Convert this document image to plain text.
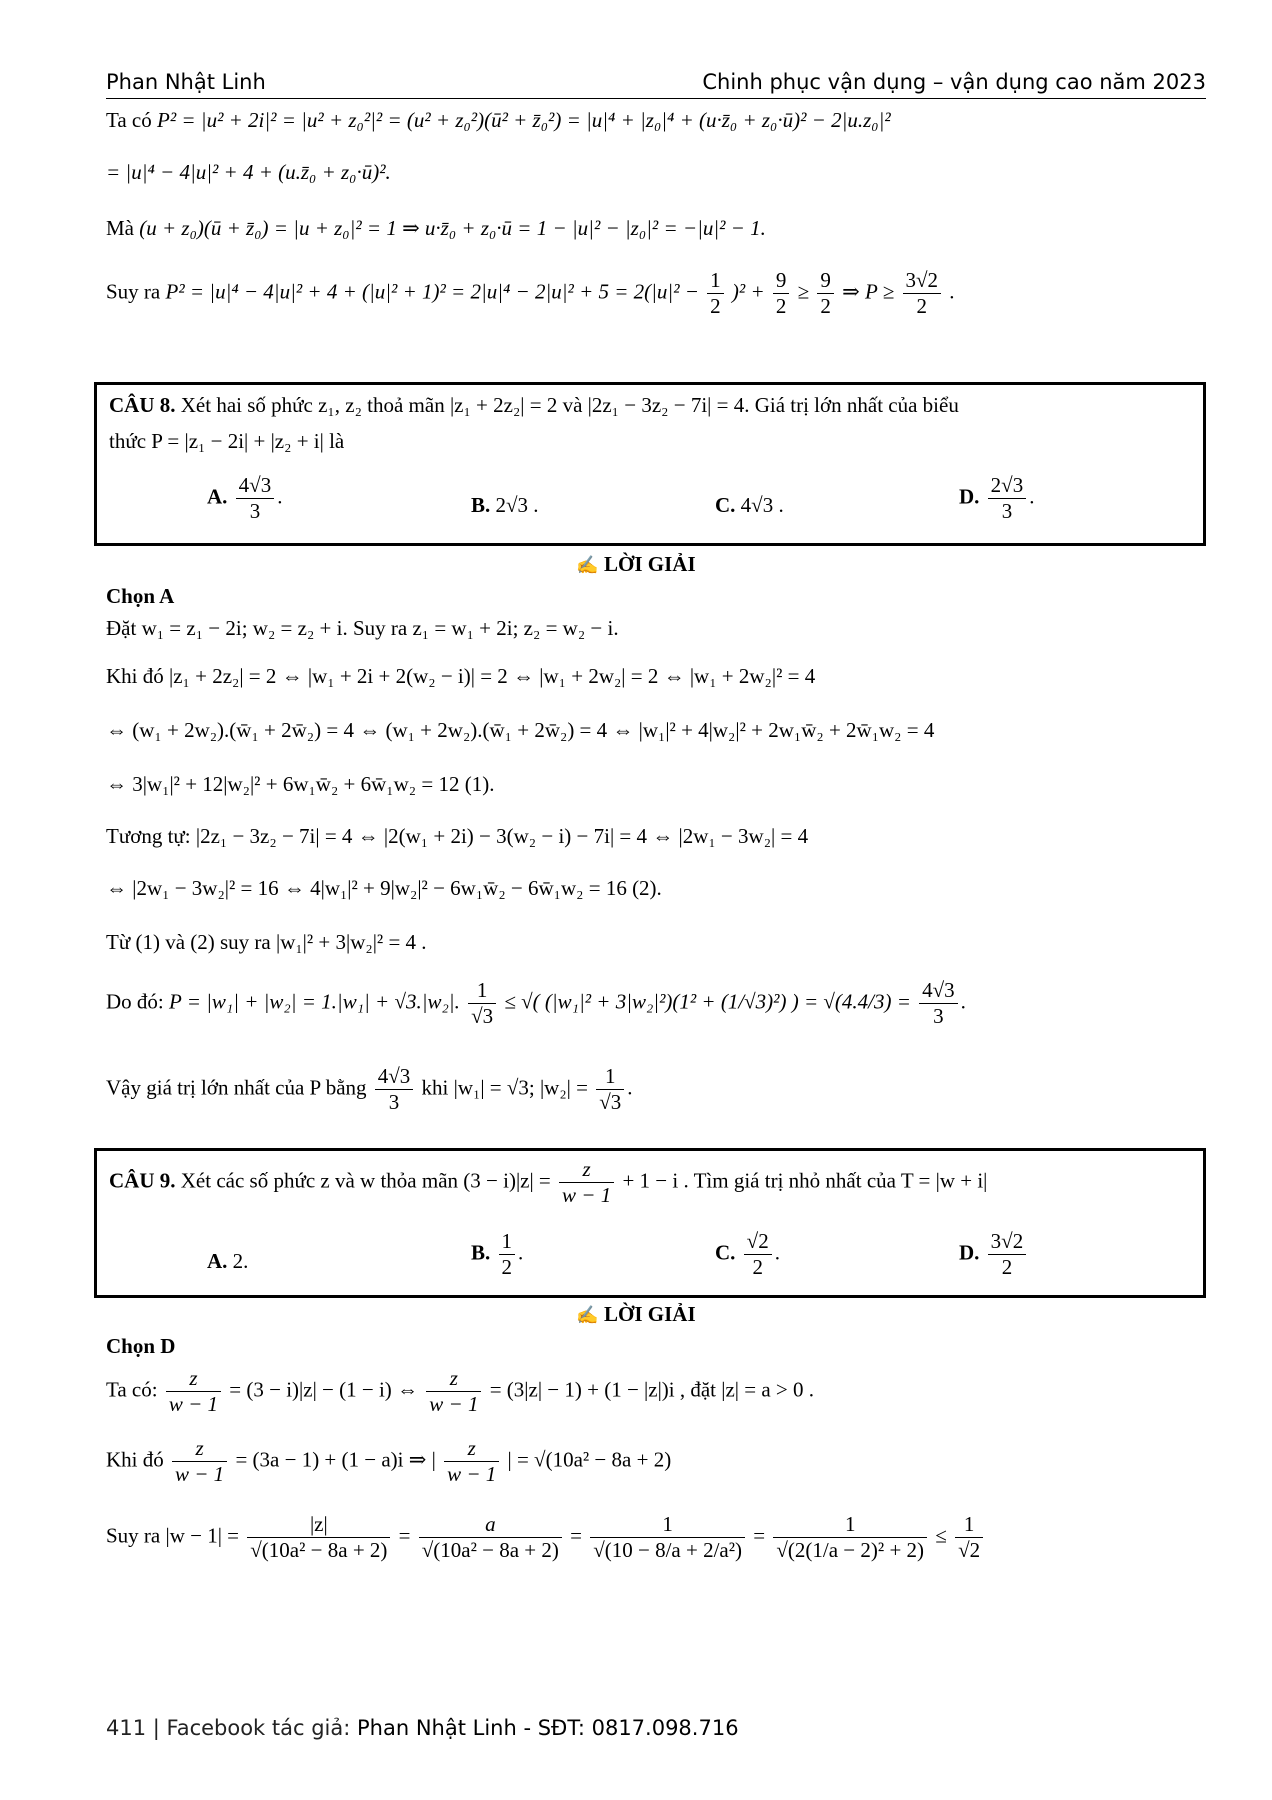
Phan Nhật Linh	Chinh phục vận dụng – vận dụng cao năm 2023
Ta có P² = |u² + 2i|² = |u² + z₀²|² = (u² + z₀²)(ū² + z̄₀²) = |u|⁴ + |z₀|⁴ + (u·z̄₀ + z₀·ū)² − 2|u.z₀|²
= |u|⁴ − 4|u|² + 4 + (u.z̄₀ + z₀·ū)².
Mà (u + z₀)(ū + z̄₀) = |u + z₀|² = 1 ⇒ u·z̄₀ + z₀·ū = 1 − |u|² − |z₀|² = −|u|² − 1.
Suy ra $P^2 = |u|^4 - 4|u|^2 + 4 + (|u|^2 + 1)^2 = 2|u|^4 - 2|u|^2 + 5 = 2(|u|^2 - \frac{1}{2} )^2 + \frac{9}{2} \ge \frac{9}{2}$ ⇒ $P \ge \frac{3√2}{2}$ .
CÂU 8. Xét hai số phức z₁, z₂ thoả mãn |z₁ + 2z₂| = 2 và |2z₁ − 3z₂ − 7i| = 4. Giá trị lớn nhất của biểu
thức P = |z₁ − 2i| + |z₂ + i| là
A. $\frac{4√3}{3}$ .	B. 2√3 .	C. 4√3 .	D. $\frac{2√3}{3}$ .
✍ LỜI GIẢI
Chọn A
Đặt w₁ = z₁ − 2i; w₂ = z₂ + i. Suy ra z₁ = w₁ + 2i; z₂ = w₂ − i.
Khi đó |z₁ + 2z₂| = 2 ⇔ |w₁ + 2i + 2(w₂ − i)| = 2 ⇔ |w₁ + 2w₂| = 2 ⇔ |w₁ + 2w₂|² = 4
⇔ (w₁ + 2w₂).(w̄₁ + 2w̄₂) = 4 ⇔ (w₁ + 2w₂).(w̄₁ + 2w̄₂) = 4 ⇔ |w₁|² + 4|w₂|² + 2w₁w̄₂ + 2w̄₁w₂ = 4
⇔ 3|w₁|² + 12|w₂|² + 6w₁w̄₂ + 6w̄₁w₂ = 12 (1).
Tương tự: |2z₁ − 3z₂ − 7i| = 4 ⇔ |2(w₁ + 2i) − 3(w₂ − i) − 7i| = 4 ⇔ |2w₁ − 3w₂| = 4
⇔ |2w₁ − 3w₂|² = 16 ⇔ 4|w₁|² + 9|w₂|² − 6w₁w̄₂ − 6w̄₁w₂ = 16 (2).
Từ (1) và (2) suy ra |w₁|² + 3|w₂|² = 4 .
Do đó: P = |w₁| + |w₂| = 1.|w₁| + √3.|w₂|. $\frac{1}{√3}$ ≤ √( (|w₁|² + 3|w₂|²)(1² + (1/√3)²) ) = $√(4.4/3) = \frac{4√3}{3}$ .
Vậy giá trị lớn nhất của P bằng $\frac{4√3}{3}$ khi |w₁| = √3; $|w_2| = \frac{1}{√3}$ .
CÂU 9. Xét các số phức z và w thỏa mãn $(3 - i)|z| = \frac{z}{w - 1} + 1 - i$ . Tìm giá trị nhỏ nhất của T = |w + i|
A. 2.	B. $\frac{1}{2}$ .	C. $\frac{√2}{2}$ .	D. $\frac{3√2}{2}$
✍ LỜI GIẢI
Chọn D
Ta có: $\frac{z}{w - 1} = (3 - i)|z| - (1 - i)$ ⇔ $\frac{z}{w - 1} = (3|z| - 1) + (1 - |z|)i$ , đặt |z| = a > 0 .
Khi đó $\frac{z}{w - 1} = (3a - 1) + (1 - a)i$ ⇒ | $\frac{z}{w - 1}$ | = √(10a² − 8a + 2)
Suy ra $|w - 1| = \frac{|z|}{\text{√(10a² − 8a + 2)}} = \frac{a}{\text{√(10a² − 8a + 2)}} = \frac{1}{\text{√(10 − 8/a + 2/a²)}} = \frac{1}{\text{√(2(1/a − 2)² + 2)}} \le \frac{1}{√2}$
411 | Facebook tác giả: Phan Nhật Linh - SĐT: 0817.098.716
